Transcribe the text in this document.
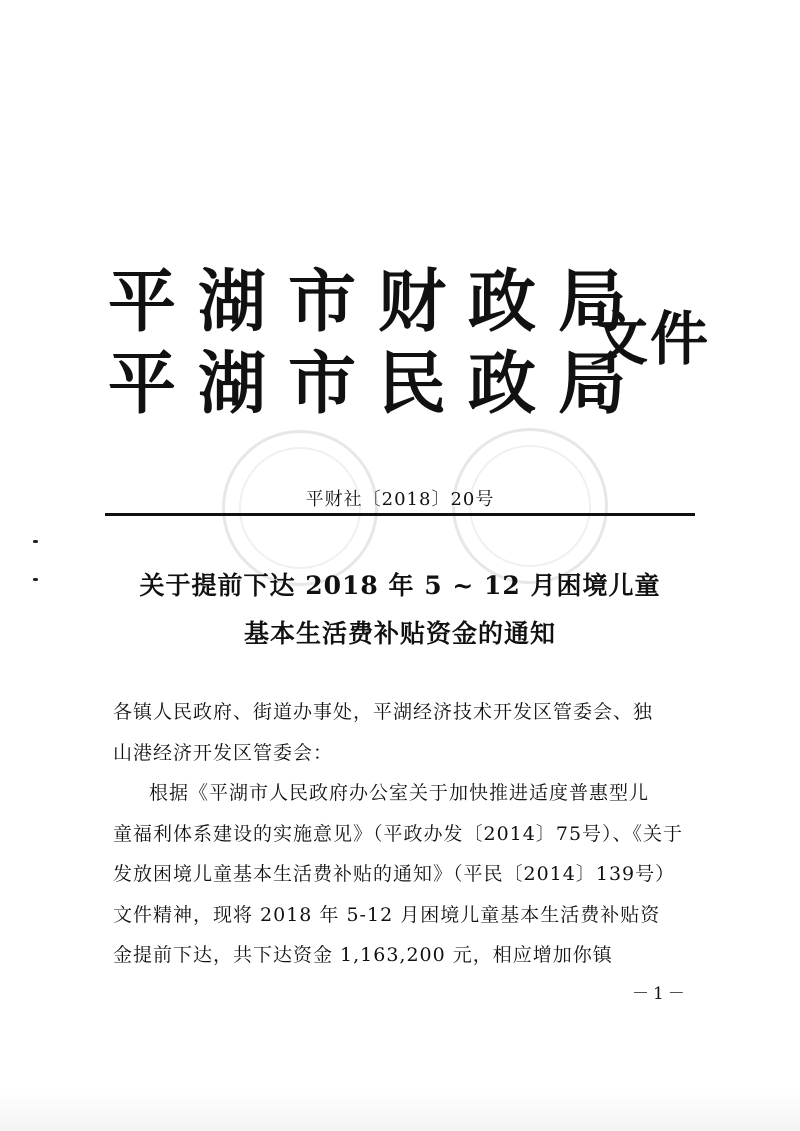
平湖市财政局
平湖市民政局
文件
平财社〔2018〕20号
关于提前下达 2018 年 5 ~ 12 月困境儿童
基本生活费补贴资金的通知

各镇人民政府、街道办事处，平湖经济技术开发区管委会、独

山港经济开发区管委会：

根据《平湖市人民政府办公室关于加快推进适度普惠型儿

童福利体系建设的实施意见》（平政办发〔2014〕75号）、《关于

发放困境儿童基本生活费补贴的通知》（平民〔2014〕139号）

文件精神，现将 2018 年 5-12 月困境儿童基本生活费补贴资

金提前下达，共下达资金 1,163,200 元，相应增加你镇

－1－
